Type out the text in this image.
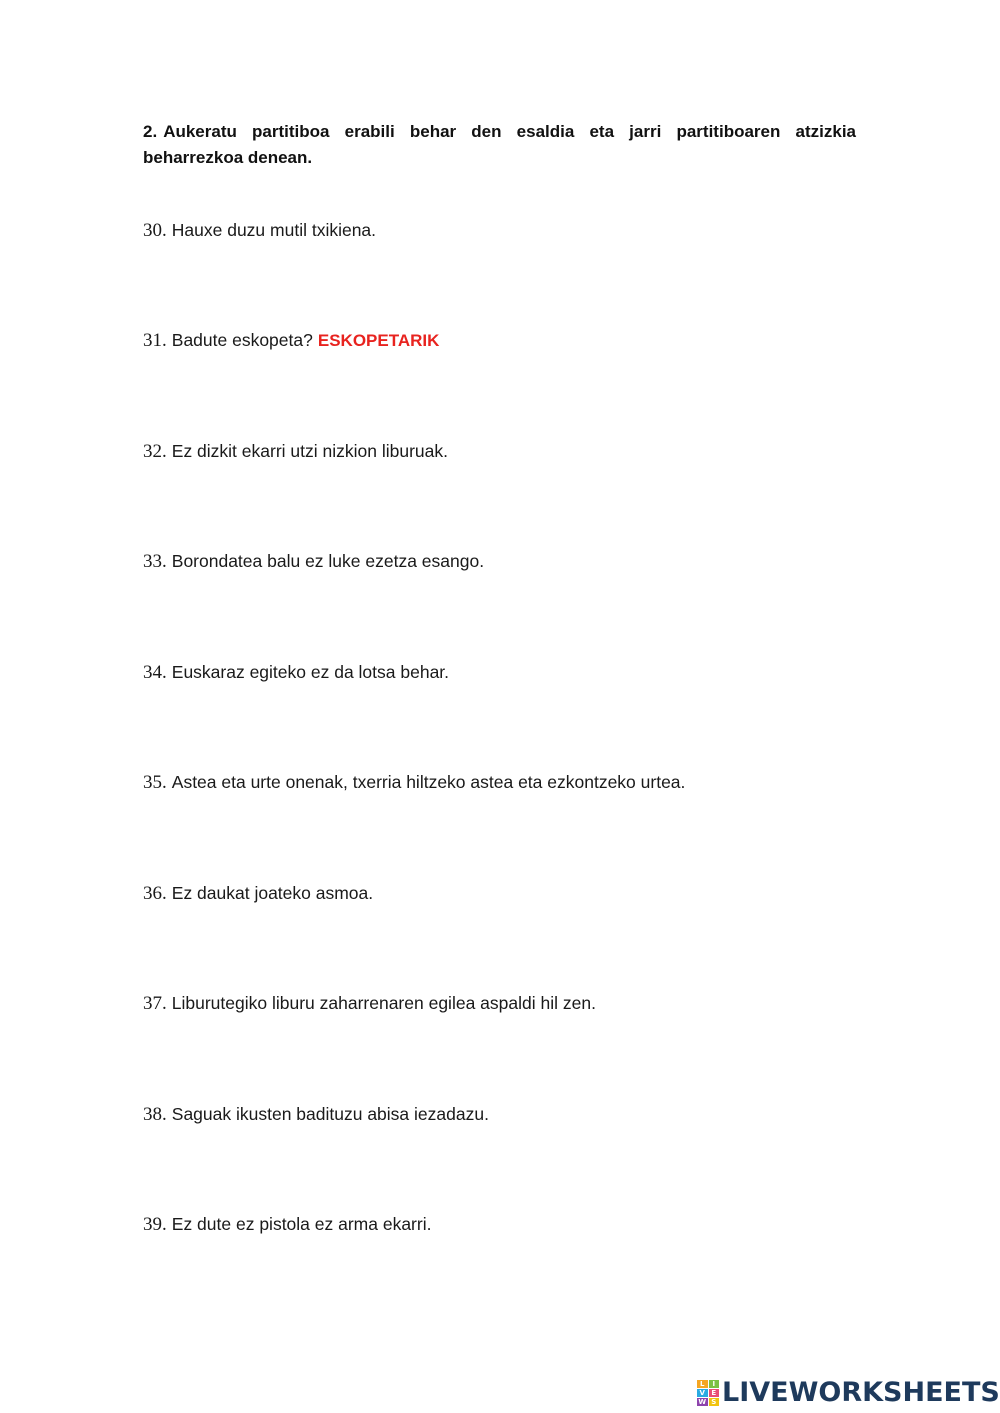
2. Aukeratu partitiboa erabili behar den esaldia eta jarri partitiboaren atzizkia beharrezkoa denean.
30. Hauxe duzu mutil txikiena.
31. Badute eskopeta? ESKOPETARIK
32. Ez dizkit ekarri utzi nizkion liburuak.
33. Borondatea balu ez luke ezetza esango.
34. Euskaraz egiteko ez da lotsa behar.
35. Astea eta urte onenak, txerria hiltzeko astea eta ezkontzeko urtea.
36. Ez daukat joateko asmoa.
37. Liburutegiko liburu zaharrenaren egilea aspaldi hil zen.
38. Saguak ikusten badituzu abisa iezadazu.
39. Ez dute ez pistola ez arma ekarri.
L	I
V E
W S LIVEWORKSHEETS
